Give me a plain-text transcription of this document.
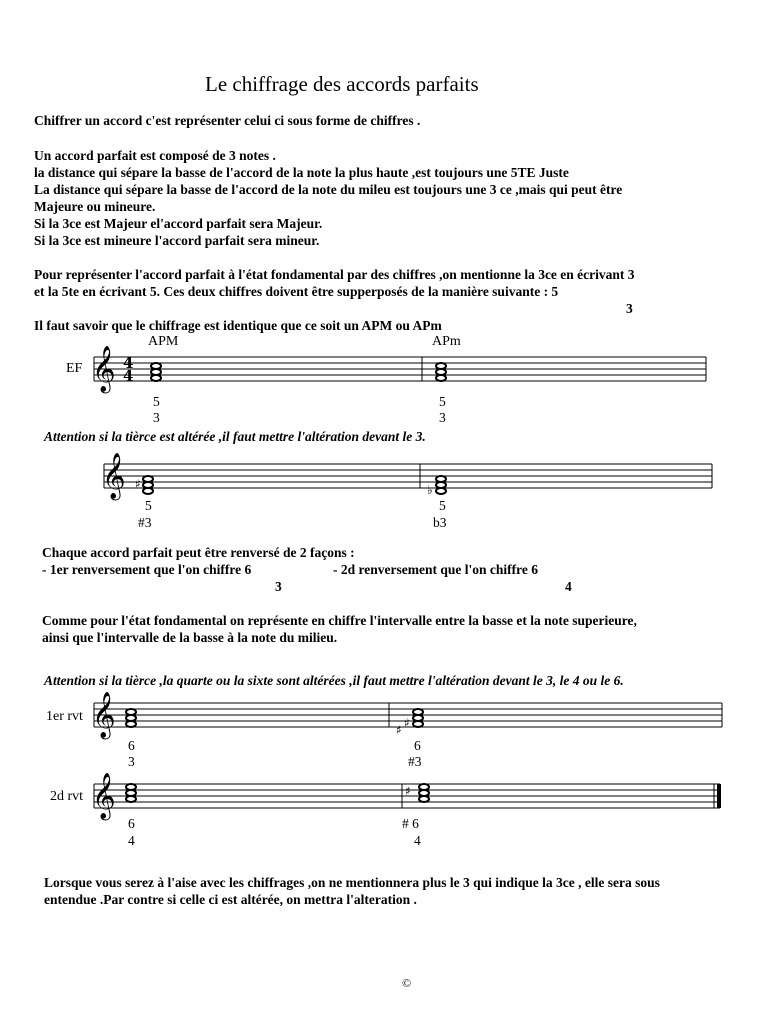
Le chiffrage des accords parfaits
Chiffrer un accord c'est représenter celui ci sous forme de chiffres .
Un accord parfait est composé de 3 notes .
la distance qui sépare la basse de l'accord de la note la plus haute ,est toujours une 5TE Juste
La distance qui sépare la basse de l'accord de la note du mileu est toujours une 3 ce ,mais qui peut être
Majeure ou mineure.
Si la 3ce est Majeur el'accord parfait sera Majeur.
Si la 3ce est mineure l'accord parfait sera mineur.
Pour représenter l'accord parfait à l'état fondamental par des chiffres ,on mentionne la 3ce en écrivant 3
et la 5te en écrivant 5. Ces deux chiffres doivent être supperposés de la manière suivante : 5
3
Il faut savoir que le chiffrage est identique que ce soit un APM ou APm
EF
APM	APm
5
3
5
3
𝄞 4
4
Attention si la tièrce est altérée ,il faut mettre l'altération devant le 3.
5
#3
5
b3
𝄞 ♯	♭
Chaque accord parfait peut être renversé de 2 façons :
- 1er renversement que l'on chiffre 6
3
- 2d renversement que l'on chiffre 6
4
Comme pour l'état fondamental on représente en chiffre l'intervalle entre la basse et la note superieure,
ainsi que l'intervalle de la basse à la note du milieu.
Attention si la tièrce ,la quarte ou la sixte sont altérées ,il faut mettre l'altération devant le 3, le 4 ou le 6.
1er rvt
6
3
6
#3
𝄞	♯ ♯
2d rvt
6
4
# 6
4
𝄞	♯
Lorsque vous serez à l'aise avec les chiffrages ,on ne mentionnera plus le 3 qui indique la 3ce , elle sera sous
entendue .Par contre si celle ci est altérée, on mettra l'alteration .
©
